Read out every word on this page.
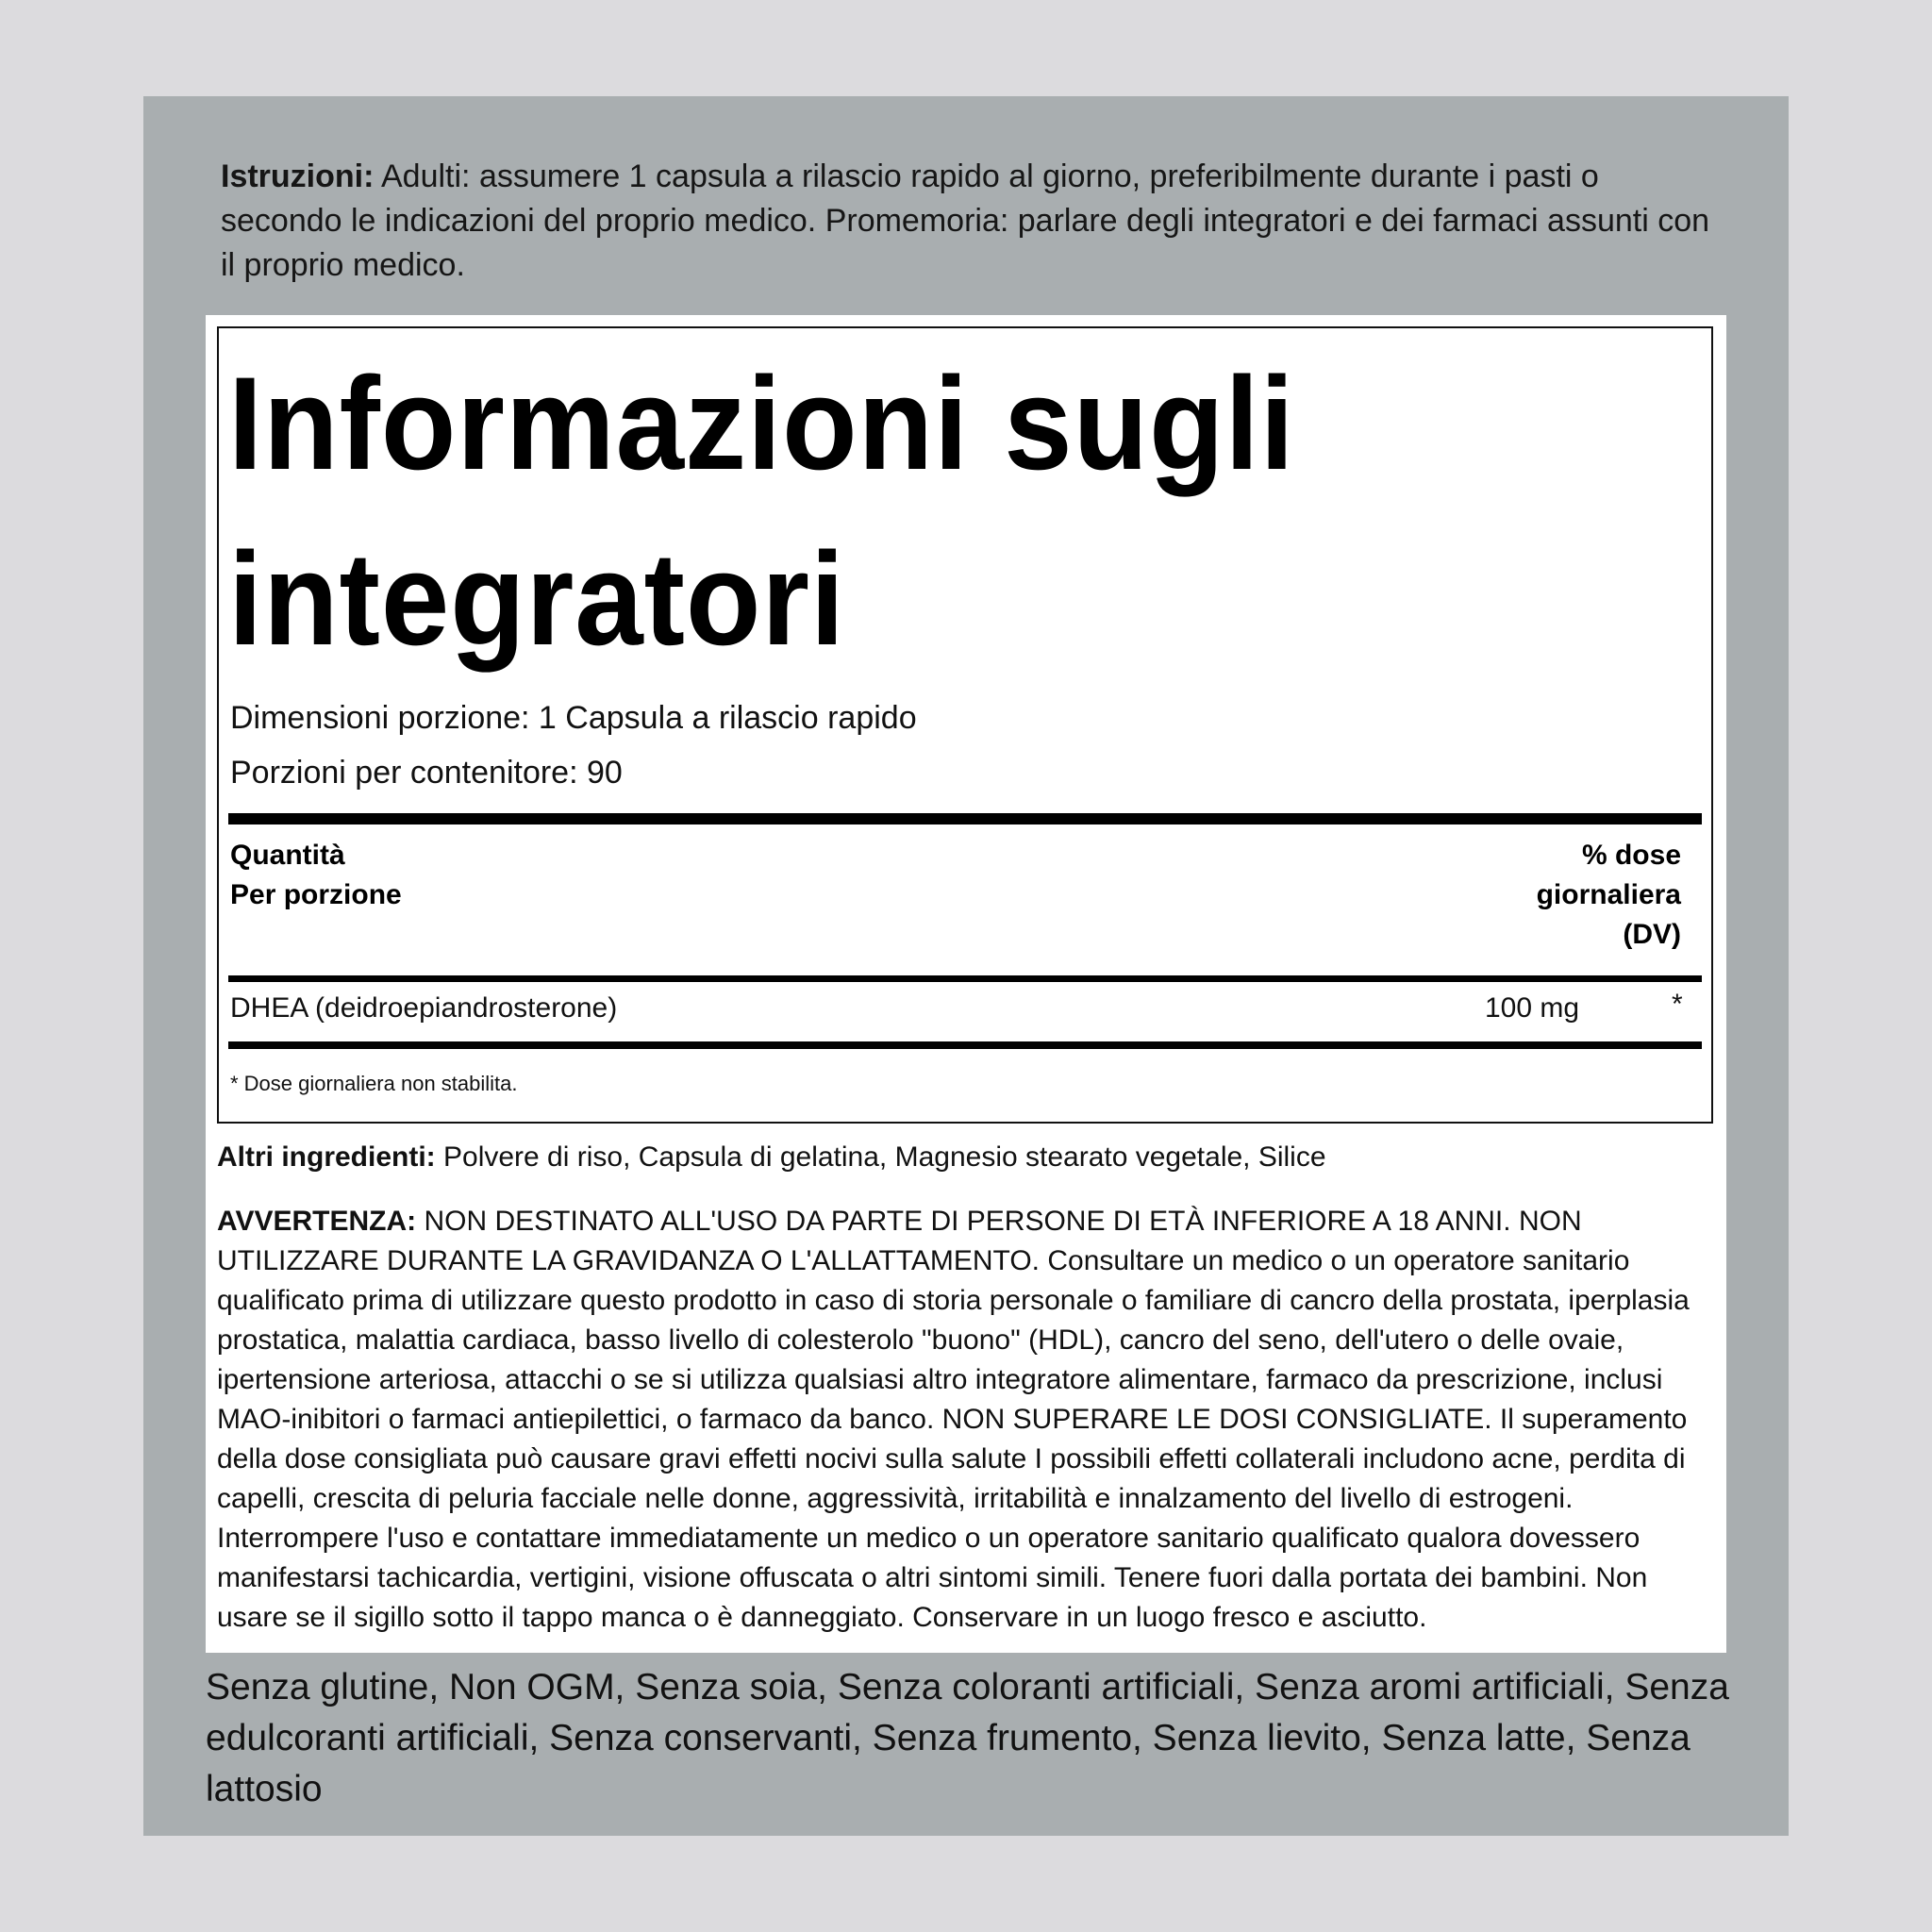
Istruzioni: Adulti: assumere 1 capsula a rilascio rapido al giorno, preferibilmente durante i pasti o secondo le indicazioni del proprio medico. Promemoria: parlare degli integratori e dei farmaci assunti con il proprio medico.
Informazioni sugli
integratori
Dimensioni porzione: 1 Capsula a rilascio rapido
Porzioni per contenitore: 90
Quantità
Per porzione
% dose
giornaliera
(DV)
DHEA (deidroepiandrosterone)	100 mg	*
* Dose giornaliera non stabilita.
Altri ingredienti: Polvere di riso, Capsula di gelatina, Magnesio stearato vegetale, Silice
AVVERTENZA: NON DESTINATO ALL'USO DA PARTE DI PERSONE DI ETÀ INFERIORE A 18 ANNI. NON UTILIZZARE DURANTE LA GRAVIDANZA O L'ALLATTAMENTO. Consultare un medico o un operatore sanitario qualificato prima di utilizzare questo prodotto in caso di storia personale o familiare di cancro della prostata, iperplasia prostatica, malattia cardiaca, basso livello di colesterolo "buono" (HDL), cancro del seno, dell'utero o delle ovaie, ipertensione arteriosa, attacchi o se si utilizza qualsiasi altro integratore alimentare, farmaco da prescrizione, inclusi MAO-inibitori o farmaci antiepilettici, o farmaco da banco. NON SUPERARE LE DOSI CONSIGLIATE. Il superamento della dose consigliata può causare gravi effetti nocivi sulla salute I possibili effetti collaterali includono acne, perdita di capelli, crescita di peluria facciale nelle donne, aggressività, irritabilità e innalzamento del livello di estrogeni. Interrompere l'uso e contattare immediatamente un medico o un operatore sanitario qualificato qualora dovessero manifestarsi tachicardia, vertigini, visione offuscata o altri sintomi simili. Tenere fuori dalla portata dei bambini. Non usare se il sigillo sotto il tappo manca o è danneggiato. Conservare in un luogo fresco e asciutto.
Senza glutine, Non OGM, Senza soia, Senza coloranti artificiali, Senza aromi artificiali, Senza edulcoranti artificiali, Senza conservanti, Senza frumento, Senza lievito, Senza latte, Senza lattosio
